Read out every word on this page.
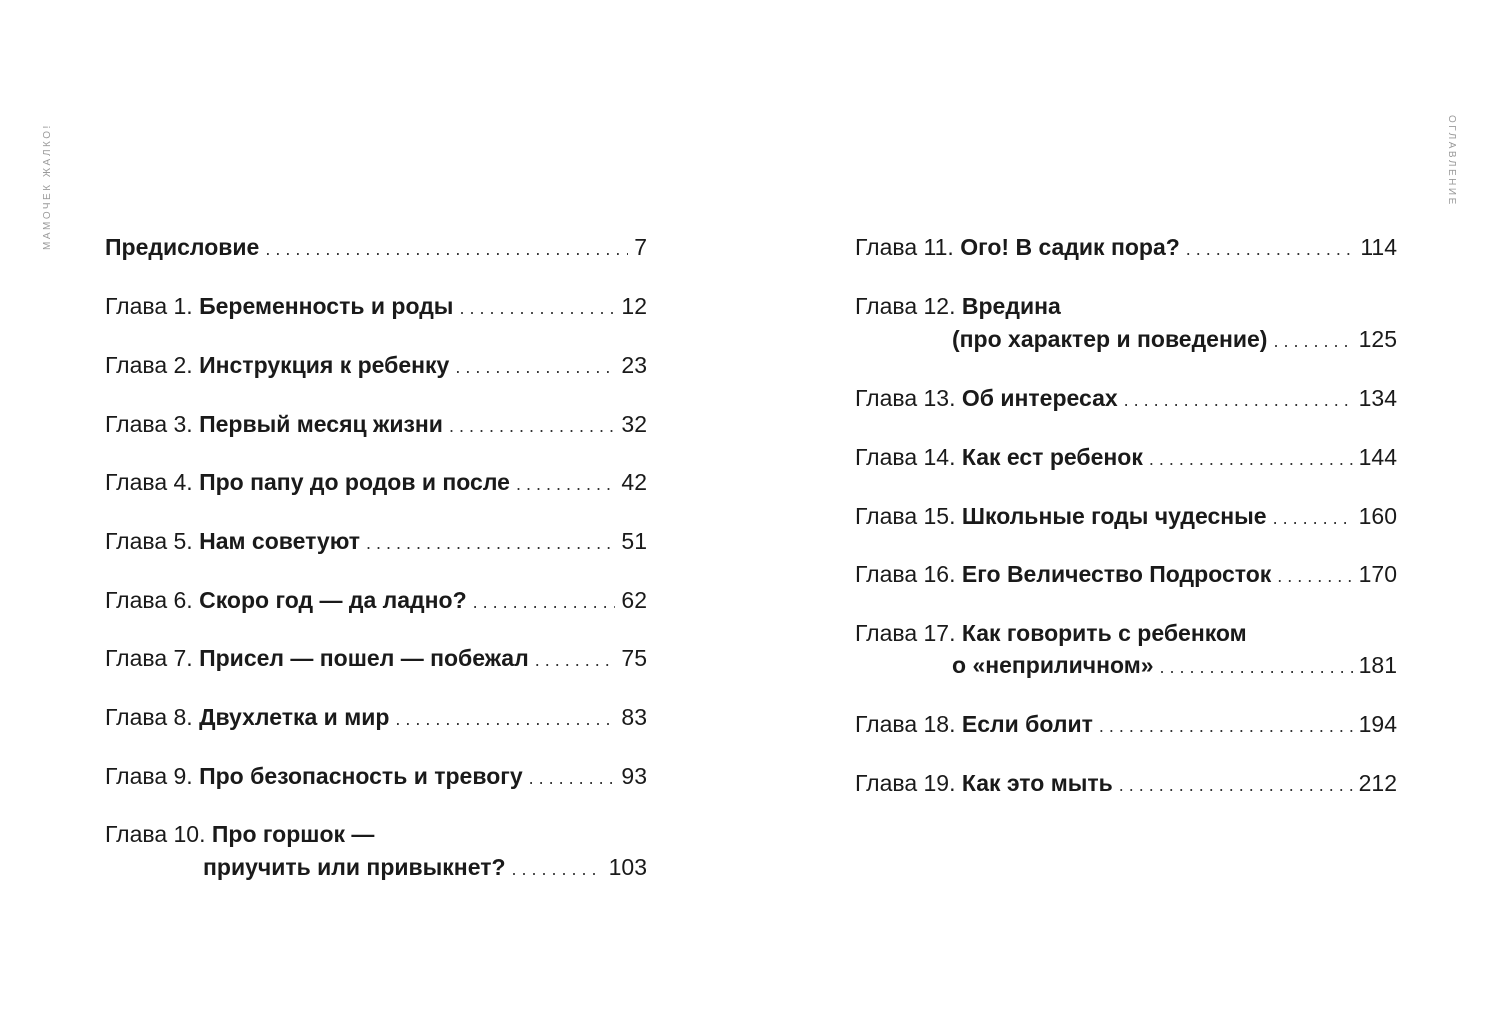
МАМОЧЕК ЖАЛКО!	ОГЛАВЛЕНИЕ
Предисловие . . .	7
Глава 1. Беременность и роды . . .	12
Глава 2. Инструкция к ребенку . . .	23
Глава 3. Первый месяц жизни . . .	32
Глава 4. Про папу до родов и после . . .	42
Глава 5. Нам советуют . . .	51
Глава 6. Скоро год — да ладно? . . .	62
Глава 7. Присел — пошел — побежал . . .	75
Глава 8. Двухлетка и мир . . .	83
Глава 9. Про безопасность и тревогу . . .	93
Глава 10. Про горшок —
приучить или привыкнет? . . .	103
Глава 11. Ого! В садик пора? . . .	114
Глава 12. Вредина
(про характер и поведение) . . .	125
Глава 13. Об интересах . . .	134
Глава 14. Как ест ребенок . . .	144
Глава 15. Школьные годы чудесные . . .	160
Глава 16. Его Величество Подросток . . .	170
Глава 17. Как говорить с ребенком
о «неприличном» . . .	181
Глава 18. Если болит . . .	194
Глава 19. Как это мыть . . .	212
